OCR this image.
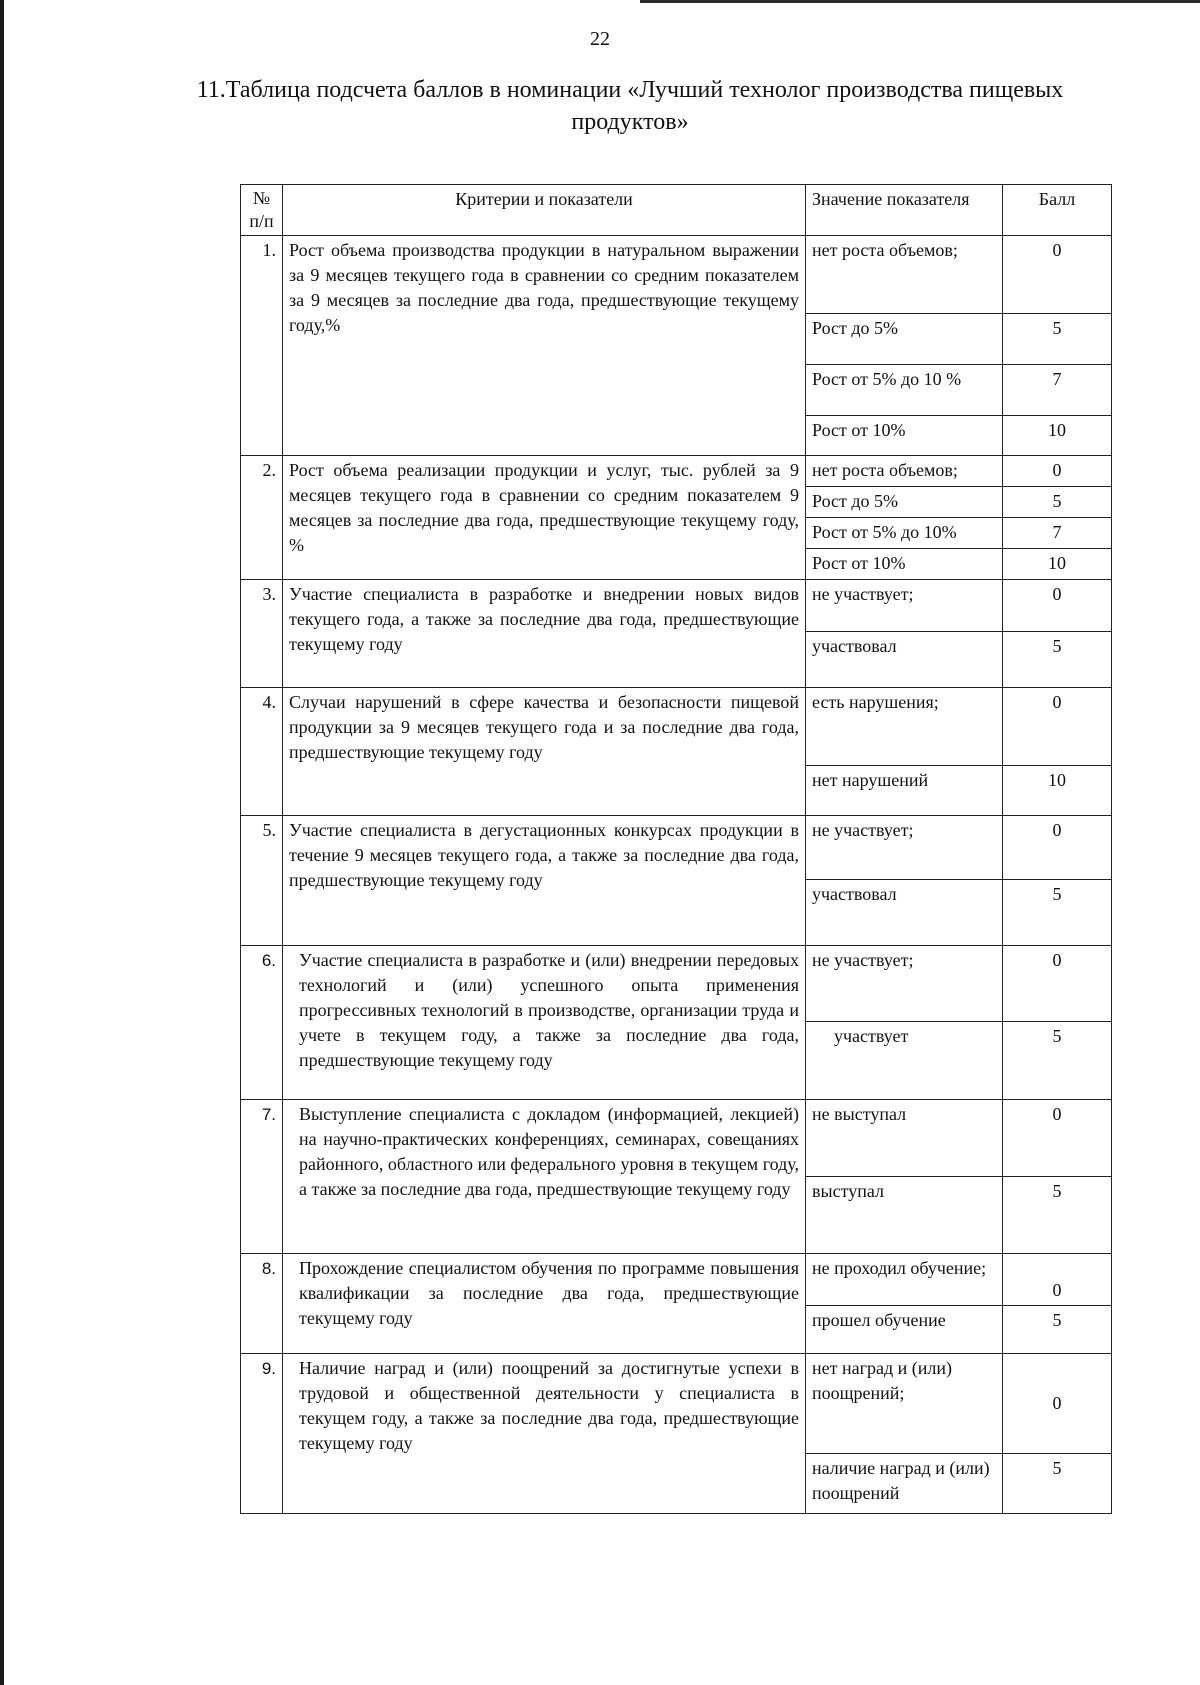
22
11.Таблица подсчета баллов в номинации «Лучший технолог производства пищевых продуктов»
№ п/п	Критерии и показатели	Значение показателя	Балл
1.	Рост объема производства продукции в натуральном выражении за 9 месяцев текущего года в сравнении со средним показателем за 9 месяцев за последние два года, предшествующие текущему году,%	нет роста объемов;	0
		Рост до 5%	5
		Рост от 5% до 10 %	7
		Рост от 10%	10
2.	Рост объема реализации продукции и услуг, тыс. рублей за 9 месяцев текущего года в сравнении со средним показателем 9 месяцев за последние два года, предшествующие текущему году, %	нет роста объемов;	0
		Рост до 5%	5
		Рост от 5% до 10%	7
		Рост от 10%	10
3.	Участие специалиста в разработке и внедрении новых видов текущего года, а также за последние два года, предшествующие текущему году	не участвует;	0
		участвовал	5
4.	Случаи нарушений в сфере качества и безопасности пищевой продукции за 9 месяцев текущего года и за последние два года, предшествующие текущему году	есть нарушения;	0
		нет нарушений	10
5.	Участие специалиста в дегустационных конкурсах продукции в течение 9 месяцев текущего года, а также за последние два года, предшествующие текущему году	не участвует;	0
		участвовал	5
6.	Участие специалиста в разработке и (или) внедрении передовых технологий и (или) успешного опыта применения прогрессивных технологий в производстве, организации труда и учете в текущем году, а также за последние два года, предшествующие текущему году	не участвует;	0
		участвует	5
7.	Выступление специалиста с докладом (информацией, лекцией) на научно-практических конференциях, семинарах, совещаниях районного, областного или федерального уровня в текущем году, а также за последние два года, предшествующие текущему году	не выступал	0
		выступал	5
8.	Прохождение специалистом обучения по программе повышения квалификации за последние два года, предшествующие текущему году	не проходил обучение;	0
		прошел обучение	5
9.	Наличие наград и (или) поощрений за достигнутые успехи в трудовой и общественной деятельности у специалиста в текущем году, а также за последние два года, предшествующие текущему году	нет наград и (или) поощрений;	0
		наличие наград и (или) поощрений	5
